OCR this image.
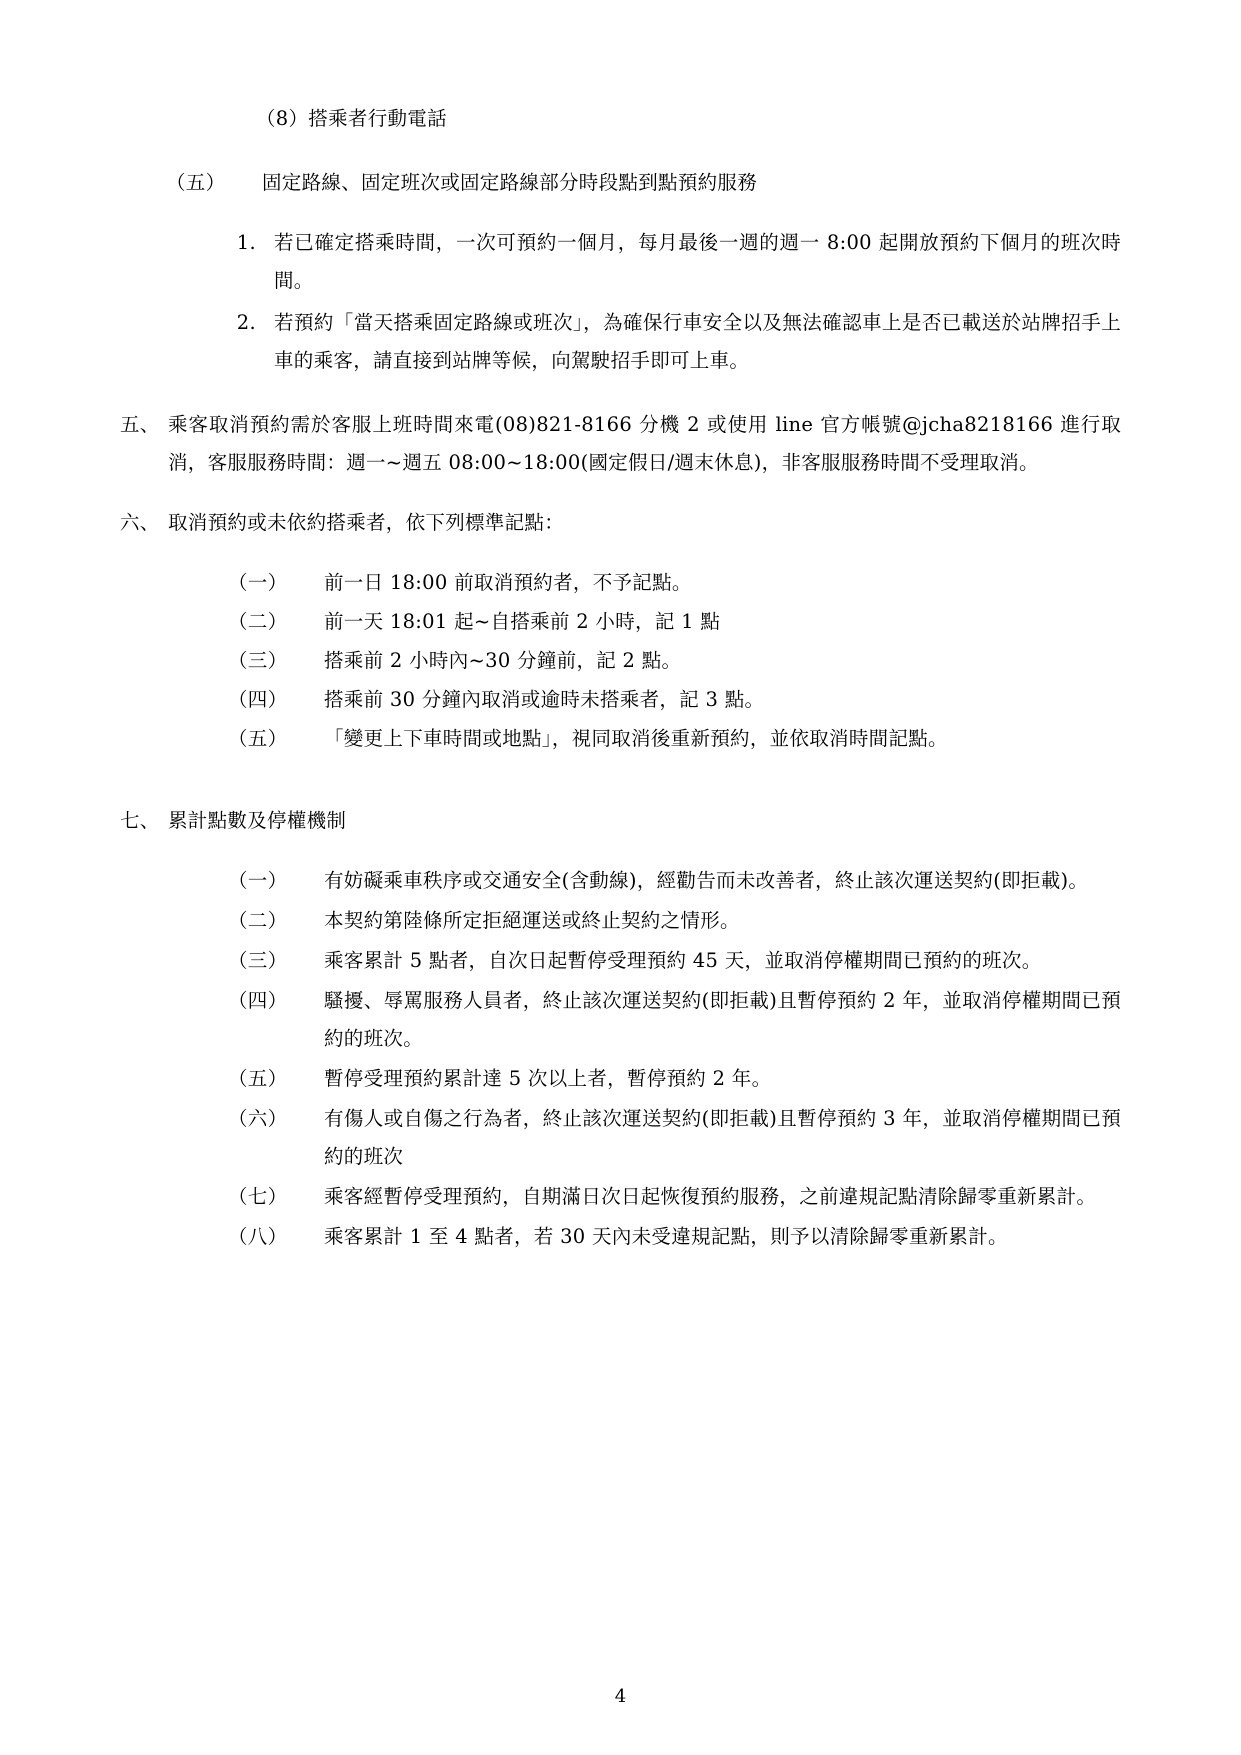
（8）搭乘者行動電話
（五）	固定路線、固定班次或固定路線部分時段點到點預約服務
1. 若已確定搭乘時間，一次可預約一個月，每月最後一週的週一 8:00 起開放預約下個月的班次時間。
2. 若預約「當天搭乘固定路線或班次」，為確保行車安全以及無法確認車上是否已載送於站牌招手上車的乘客，請直接到站牌等候，向駕駛招手即可上車。
五、 乘客取消預約需於客服上班時間來電(08)821-8166 分機 2 或使用 line 官方帳號@jcha8218166 進行取消，客服服務時間：週一~週五 08:00~18:00(國定假日/週末休息)，非客服服務時間不受理取消。
六、 取消預約或未依約搭乘者，依下列標準記點：
（一）	前一日 18:00 前取消預約者，不予記點。
（二）	前一天 18:01 起~自搭乘前 2 小時，記 1 點
（三）	搭乘前 2 小時內~30 分鐘前，記 2 點。
（四）	搭乘前 30 分鐘內取消或逾時未搭乘者，記 3 點。
（五）	「變更上下車時間或地點」，視同取消後重新預約，並依取消時間記點。
七、 累計點數及停權機制
（一）	有妨礙乘車秩序或交通安全(含動線)，經勸告而未改善者，終止該次運送契約(即拒載)。
（二）	本契約第陸條所定拒絕運送或終止契約之情形。
（三）	乘客累計 5 點者，自次日起暫停受理預約 45 天，並取消停權期間已預約的班次。
（四）	騷擾、辱罵服務人員者，終止該次運送契約(即拒載)且暫停預約 2 年，並取消停權期間已預約的班次。
（五）	暫停受理預約累計達 5 次以上者，暫停預約 2 年。
（六）	有傷人或自傷之行為者，終止該次運送契約(即拒載)且暫停預約 3 年，並取消停權期間已預約的班次
（七）	乘客經暫停受理預約，自期滿日次日起恢復預約服務，之前違規記點清除歸零重新累計。
（八）	乘客累計 1 至 4 點者，若 30 天內未受違規記點，則予以清除歸零重新累計。
4
